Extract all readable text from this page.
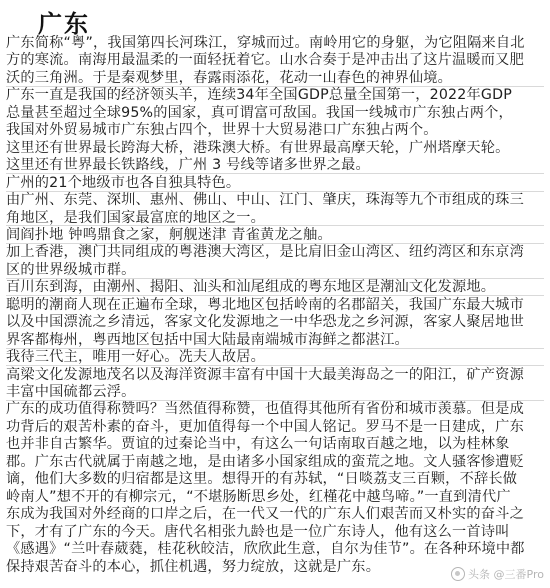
广东
广东简称“粤”，我国第四长河珠江，穿城而过。南岭用它的身躯，为它阻隔来自北
方的寒流。南海用最温柔的一面轻抚着它。山水合奏于是冲击出了这片温暖而又肥
沃的三角洲。于是秦观梦里，春露雨添花，花动一山春色的神界仙境。
广东一直是我国的经济领头羊，连续34年全国GDP总量全国第一，2022年GDP
总量甚至超过全球95%的国家，真可谓富可敌国。我国一线城市广东独占两个，
我国对外贸易城市广东独占四个，世界十大贸易港口广东独占两个。
这里还有世界最长跨海大桥，港珠澳大桥。有世界最高摩天轮，广州塔摩天轮。
这里还有世界最长铁路线，广州 3 号线等诸多世界之最。
广州的21个地级市也各自独具特色。
由广州、东莞、深圳、惠州、佛山、中山、江门、肇庆，珠海等九个市组成的珠三
角地区，是我们国家最富庶的地区之一。
闾阎扑地 钟鸣鼎食之家，舸舰迷津 青雀黄龙之舳。
加上香港，澳门共同组成的粤港澳大湾区，是比肩旧金山湾区、纽约湾区和东京湾
区的世界级城市群。
百川东到海，由潮州、揭阳、汕头和汕尾组成的粤东地区是潮汕文化发源地。
聪明的潮商人现在正遍布全球，粤北地区包括岭南的名郡韶关，我国广东最大城市
以及中国漂流之乡清远，客家文化发源地之一中华恐龙之乡河源，客家人聚居地世
界客都梅州，粤西地区包括中国大陆最南端城市海鲜之都湛江。
我待三代主，唯用一好心。冼夫人故居。
高梁文化发源地茂名以及海洋资源丰富有中国十大最美海岛之一的阳江，矿产资源
丰富中国硫都云浮。
广东的成功值得称赞吗？当然值得称赞，也值得其他所有省份和城市羡慕。但是成
功背后的艰苦朴素的奋斗，更加值得每一个中国人铭记。罗马不是一日建成，广东
也并非自古繁华。贾谊的过秦论当中，有这么一句话南取百越之地，以为桂林象
郡。广东古代就属于南越之地，是由诸多小国家组成的蛮荒之地。文人骚客惨遭贬
谪，他们大多数的归宿都是这里。想得开的有苏轼，“日啖荔支三百颗，不辞长做
岭南人”想不开的有柳宗元，“不堪肠断思乡处，红槿花中越鸟啼。”一直到清代广
东成为我国对外经商的口岸之后，在一代又一代的广东人们艰苦而又朴实的奋斗之
下，才有了广东的今天。唐代名相张九龄也是一位广东诗人，他有这么一首诗叫
《感遇》“兰叶春葳蕤，桂花秋皎洁，欣欣此生意，自尔为佳节”。在各种环境中都
保持艰苦奋斗的本心，抓住机遇，努力绽放，这就是广东。	头条 @三番Pro
